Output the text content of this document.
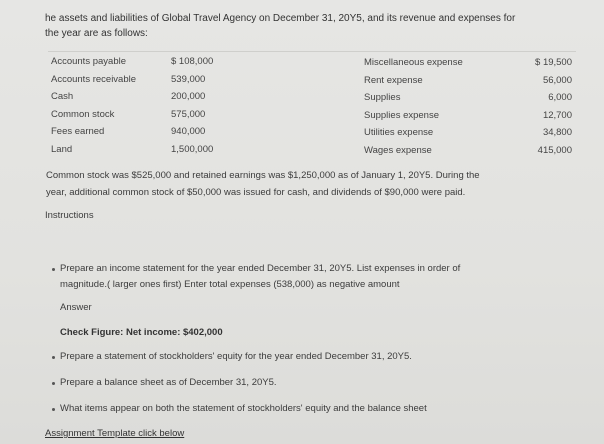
he assets and liabilities of Global Travel Agency on December 31, 20Y5, and its revenue and expenses for
the year are as follows:
Accounts payable	$ 108,000
Accounts receivable	539,000
Cash	200,000
Common stock	575,000
Fees earned	940,000
Land	1,500,000
Miscellaneous expense	$ 19,500
Rent expense	56,000
Supplies	6,000
Supplies expense	12,700
Utilities expense	34,800
Wages expense	415,000
Common stock was $525,000 and retained earnings was $1,250,000 as of January 1, 20Y5. During the
year, additional common stock of $50,000 was issued for cash, and dividends of $90,000 were paid.
Instructions
Prepare an income statement for the year ended December 31, 20Y5. List expenses in order of
magnitude.( larger ones first) Enter total expenses (538,000) as negative amount
Answer
Check Figure: Net income: $402,000
Prepare a statement of stockholders' equity for the year ended December 31, 20Y5.
Prepare a balance sheet as of December 31, 20Y5.
What items appear on both the statement of stockholders' equity and the balance sheet
Assignment Template click below
